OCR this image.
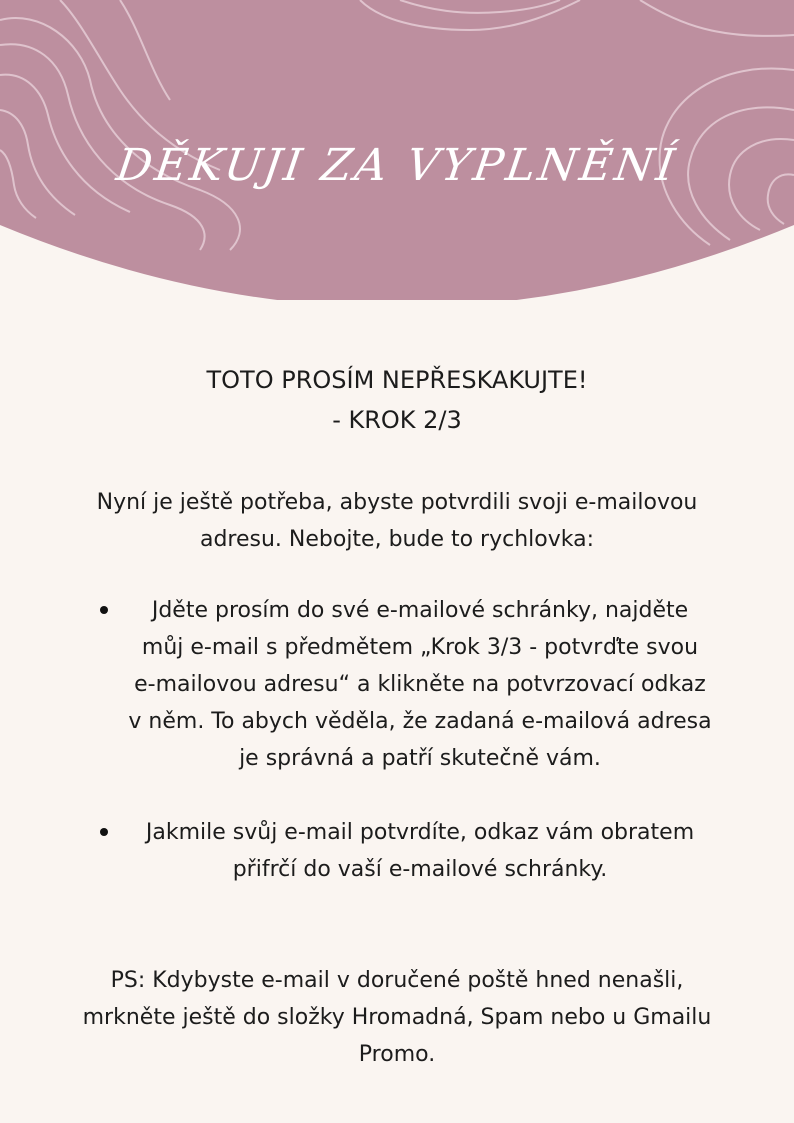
DĚKUJI ZA VYPLNĚNÍ

TOTO PROSÍM NEPŘESKAKUJTE!

- KROK 2/3

Nyní je ještě potřeba, abyste potvrdili svoji e-mailovou adresu. Nebojte, bude to rychlovka:

Jděte prosím do své e-mailové schránky, najděte můj e-mail s předmětem „Krok 3/3 - potvrďte svou e-mailovou adresu“ a klikněte na potvrzovací odkaz v něm. To abych věděla, že zadaná e-mailová adresa je správná a patří skutečně vám.

Jakmile svůj e-mail potvrdíte, odkaz vám obratem přifrčí do vaší e-mailové schránky.

PS: Kdybyste e-mail v doručené poště hned nenašli, mrkněte ještě do složky Hromadná, Spam nebo u Gmailu Promo.
